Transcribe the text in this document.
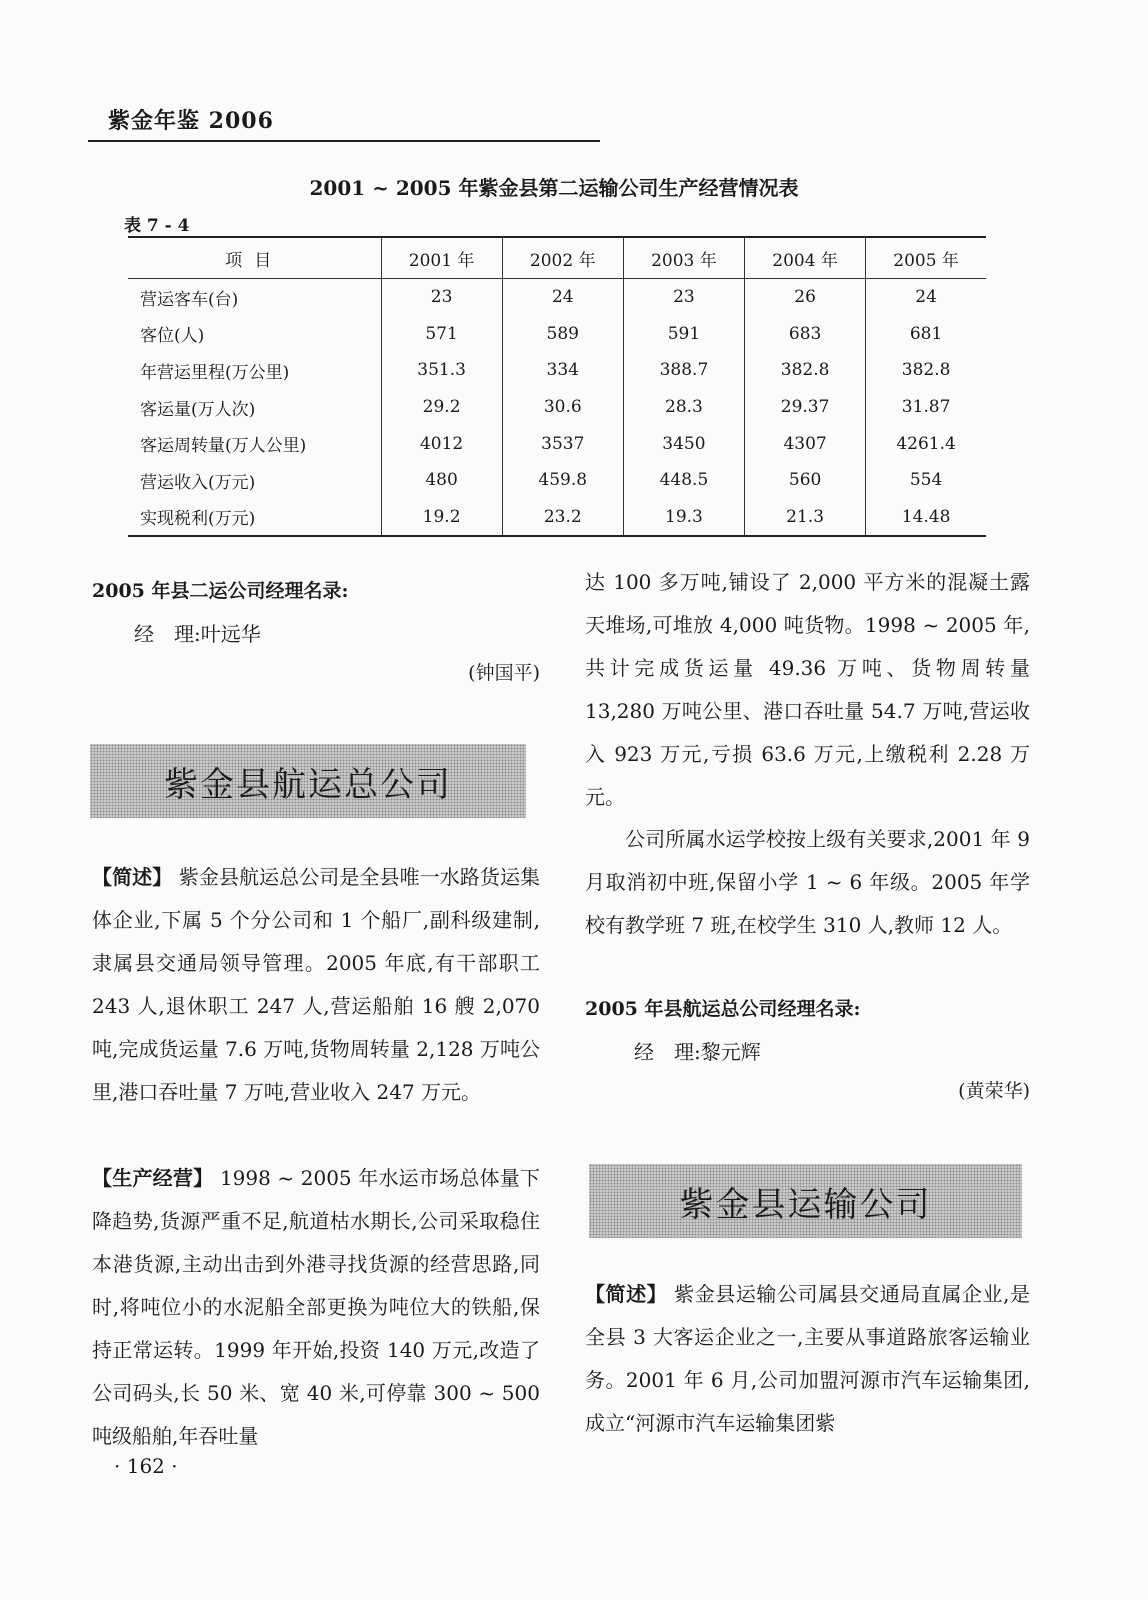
紫金年鉴 2006
2001 ~ 2005 年紫金县第二运输公司生产经营情况表
表 7 - 4
项目	2001 年	2002 年	2003 年	2004 年	2005 年
营运客车(台)	23	24	23	26	24
客位(人)	571	589	591	683	681
年营运里程(万公里)	351.3	334	388.7	382.8	382.8
客运量(万人次)	29.2	30.6	28.3	29.37	31.87
客运周转量(万人公里)	4012	3537	3450	4307	4261.4
营运收入(万元)	480	459.8	448.5	560	554
实现税利(万元)	19.2	23.2	19.3	21.3	14.48
2005 年县二运公司经理名录:
经　理:叶远华
(钟国平)
紫金县航运总公司
【简述】 紫金县航运总公司是全县唯一水路货运集体企业,下属 5 个分公司和 1 个船厂,副科级建制,隶属县交通局领导管理。2005 年底,有干部职工 243 人,退休职工 247 人,营运船舶 16 艘 2,070 吨,完成货运量 7.6 万吨,货物周转量 2,128 万吨公里,港口吞吐量 7 万吨,营业收入 247 万元。
【生产经营】 1998 ~ 2005 年水运市场总体量下降趋势,货源严重不足,航道枯水期长,公司采取稳住本港货源,主动出击到外港寻找货源的经营思路,同时,将吨位小的水泥船全部更换为吨位大的铁船,保持正常运转。1999 年开始,投资 140 万元,改造了公司码头,长 50 米、宽 40 米,可停靠 300 ~ 500 吨级船舶,年吞吐量
· 162 ·
达 100 多万吨,铺设了 2,000 平方米的混凝土露天堆场,可堆放 4,000 吨货物。1998 ~ 2005 年,共计完成货运量 49.36 万吨、货物周转量 13,280 万吨公里、港口吞吐量 54.7 万吨,营运收入 923 万元,亏损 63.6 万元,上缴税利 2.28 万元。
公司所属水运学校按上级有关要求,2001 年 9 月取消初中班,保留小学 1 ~ 6 年级。2005 年学校有教学班 7 班,在校学生 310 人,教师 12 人。
2005 年县航运总公司经理名录:
经　理:黎元辉
(黄荣华)
紫金县运输公司
【简述】 紫金县运输公司属县交通局直属企业,是全县 3 大客运企业之一,主要从事道路旅客运输业务。2001 年 6 月,公司加盟河源市汽车运输集团,成立“河源市汽车运输集团紫
